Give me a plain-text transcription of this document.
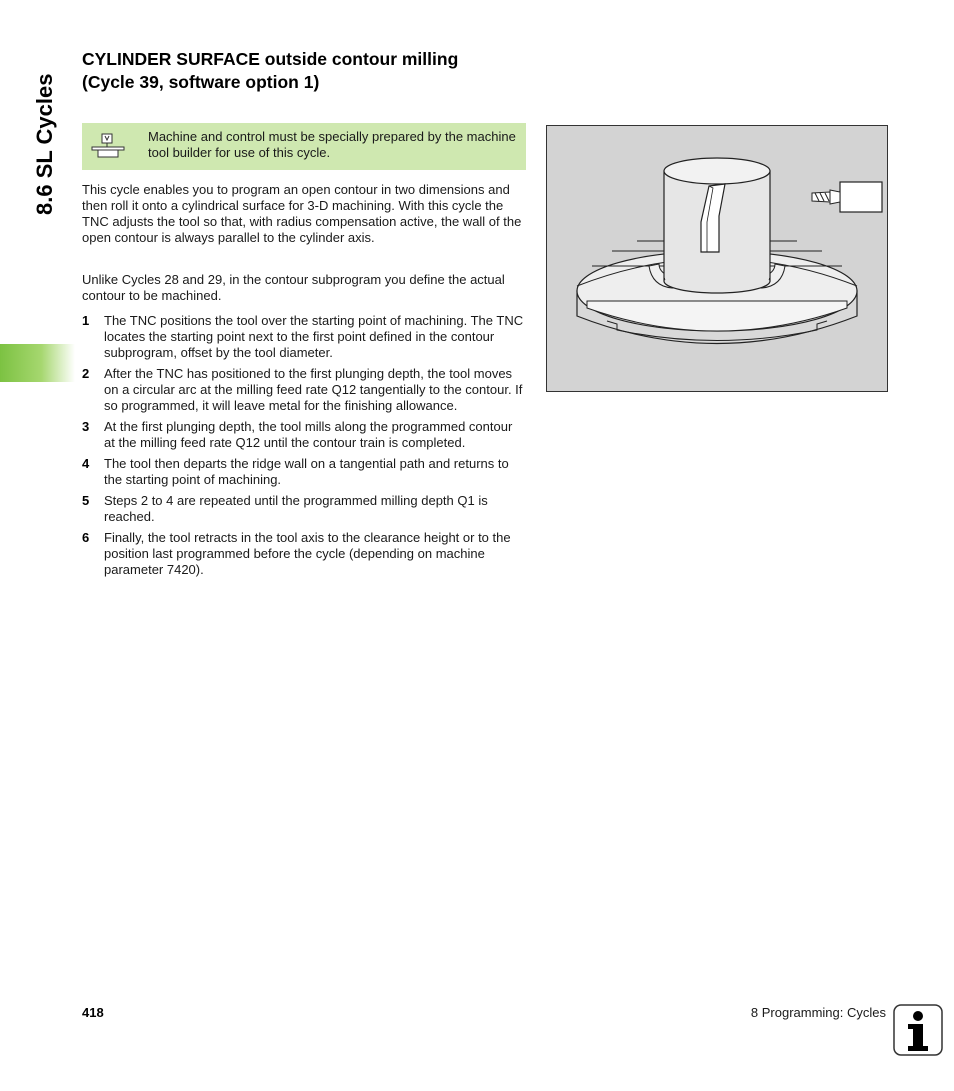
8.6 SL Cycles
CYLINDER SURFACE outside contour milling
(Cycle 39, software option 1)
Machine and control must be specially prepared by the machine tool builder for use of this cycle.
This cycle enables you to program an open contour in two dimensions and then roll it onto a cylindrical surface for 3-D machining. With this cycle the TNC adjusts the tool so that, with radius compensation active, the wall of the open contour is always parallel to the cylinder axis.
Unlike Cycles 28 and 29, in the contour subprogram you define the actual contour to be machined.
1 The TNC positions the tool over the starting point of machining. The TNC locates the starting point next to the first point defined in the contour subprogram, offset by the tool diameter.
2 After the TNC has positioned to the first plunging depth, the tool moves on a circular arc at the milling feed rate Q12 tangentially to the contour. If so programmed, it will leave metal for the finishing allowance.
3 At the first plunging depth, the tool mills along the programmed contour at the milling feed rate Q12 until the contour train is completed.
4 The tool then departs the ridge wall on a tangential path and returns to the starting point of machining.
5 Steps 2 to 4 are repeated until the programmed milling depth Q1 is reached.
6 Finally, the tool retracts in the tool axis to the clearance height or to the position last programmed before the cycle (depending on machine parameter 7420).
418	8 Programming: Cycles
